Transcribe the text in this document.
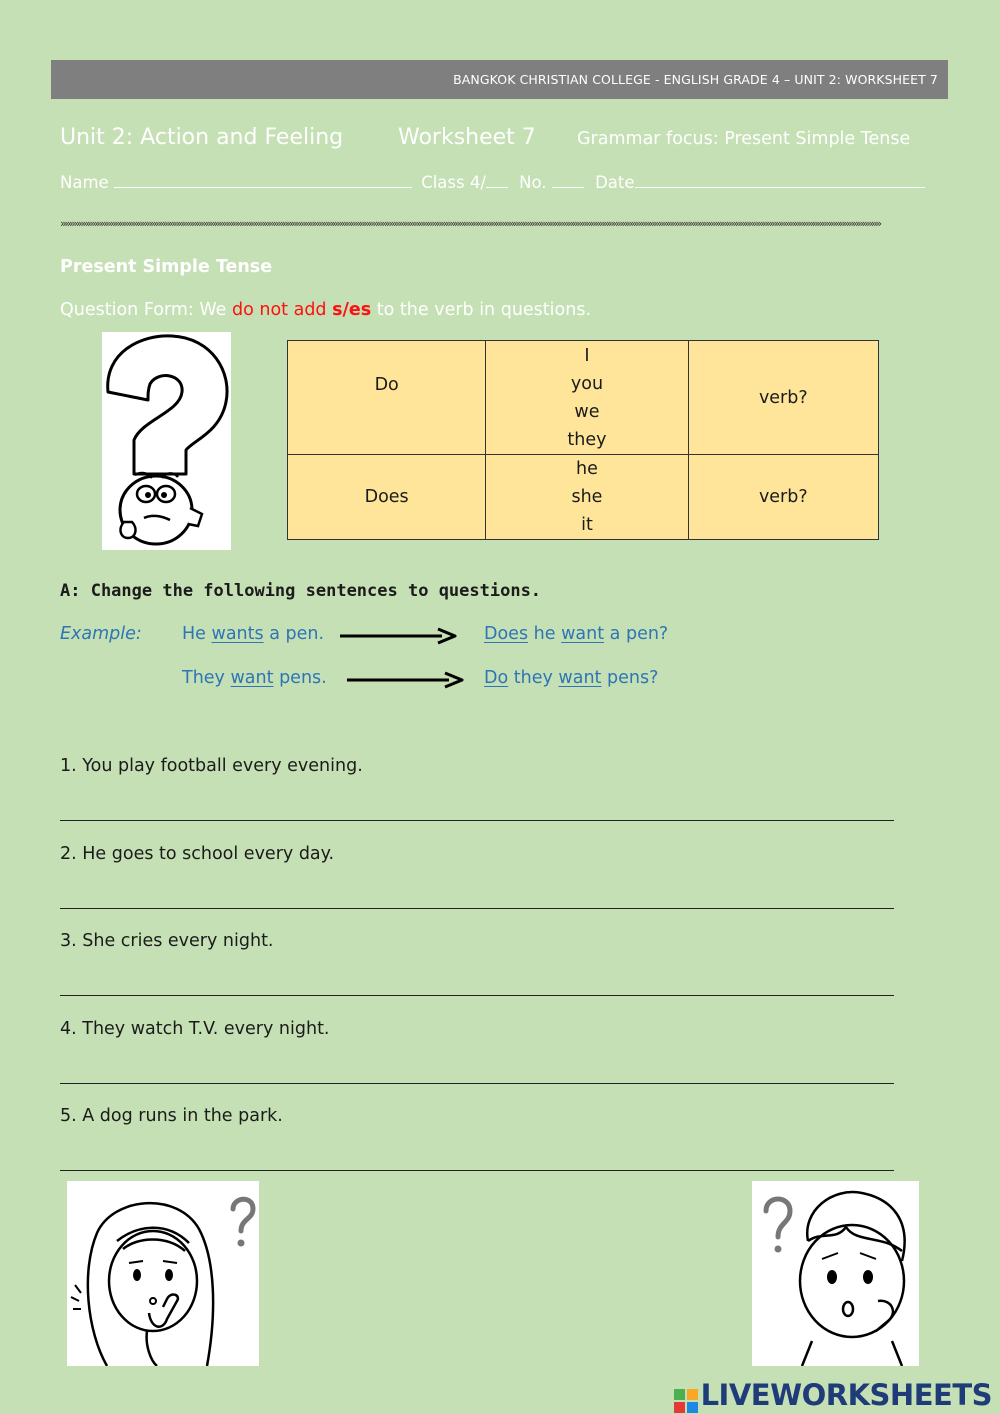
BANGKOK CHRISTIAN COLLEGE - ENGLISH GRADE 4 – UNIT 2: WORKSHEET 7
Unit 2: Action and Feeling Worksheet 7 Grammar focus: Present Simple Tense
Name	Class 4/ No.	Date
»»»»»»»»»»»»»»»»»»»»»»»»»»»»»»»»»»»»»»»»»»»»»»»»»»»»»»»»»»»»»»»»»»»»»»»»»»»»»»»»»»»»»»»»»»»»»»»»»»»»»»»»»»»»»»»»»»»»»»»»»»»»»»»»»»»»»»»»»»»»»»»»»»»»»»»»»»»»»»»»»»»»»»»»»»»»»»»»»»»»»
Present Simple Tense
Question Form: We do not add s/es to the verb in questions.
Do	I
you
we
they	verb?
Does	he
she
it	verb?
A: Change the following sentences to questions.
Example: He wants a pen.	Does he want a pen?
They want pens.	Do they want pens?
1. You play football every evening.
2. He goes to school every day.
3. She cries every night.
4. They watch T.V. every night.
5. A dog runs in the park.
LIVEWORKSHEETS
